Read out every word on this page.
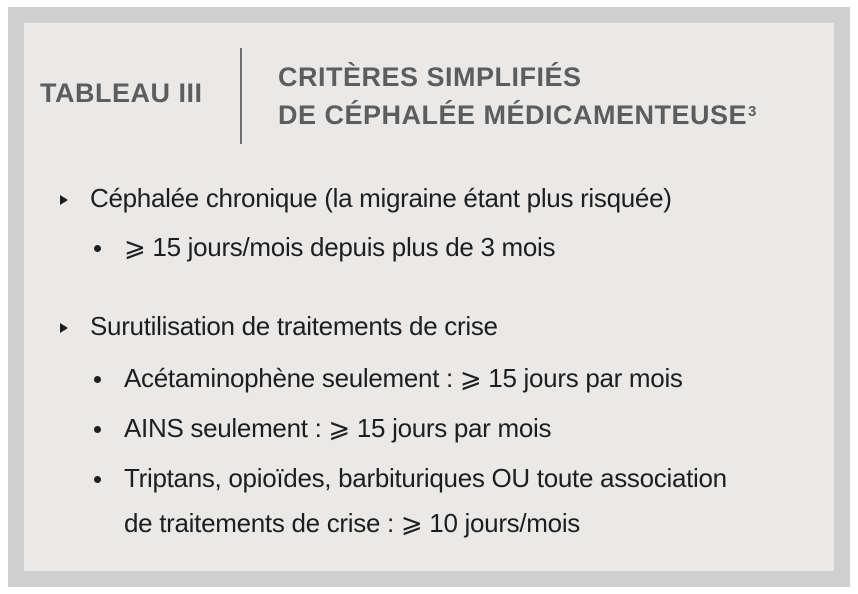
TABLEAU III
CRITÈRES SIMPLIFIÉS
DE CÉPHALÉE MÉDICAMENTEUSE$^3$
Céphalée chronique (la migraine étant plus risquée)
⩾ 15 jours/mois depuis plus de 3 mois
Surutilisation de traitements de crise
Acétaminophène seulement : ⩾ 15 jours par mois
AINS seulement : ⩾ 15 jours par mois
Triptans, opioïdes, barbituriques OU toute association
de traitements de crise : ⩾ 10 jours/mois
